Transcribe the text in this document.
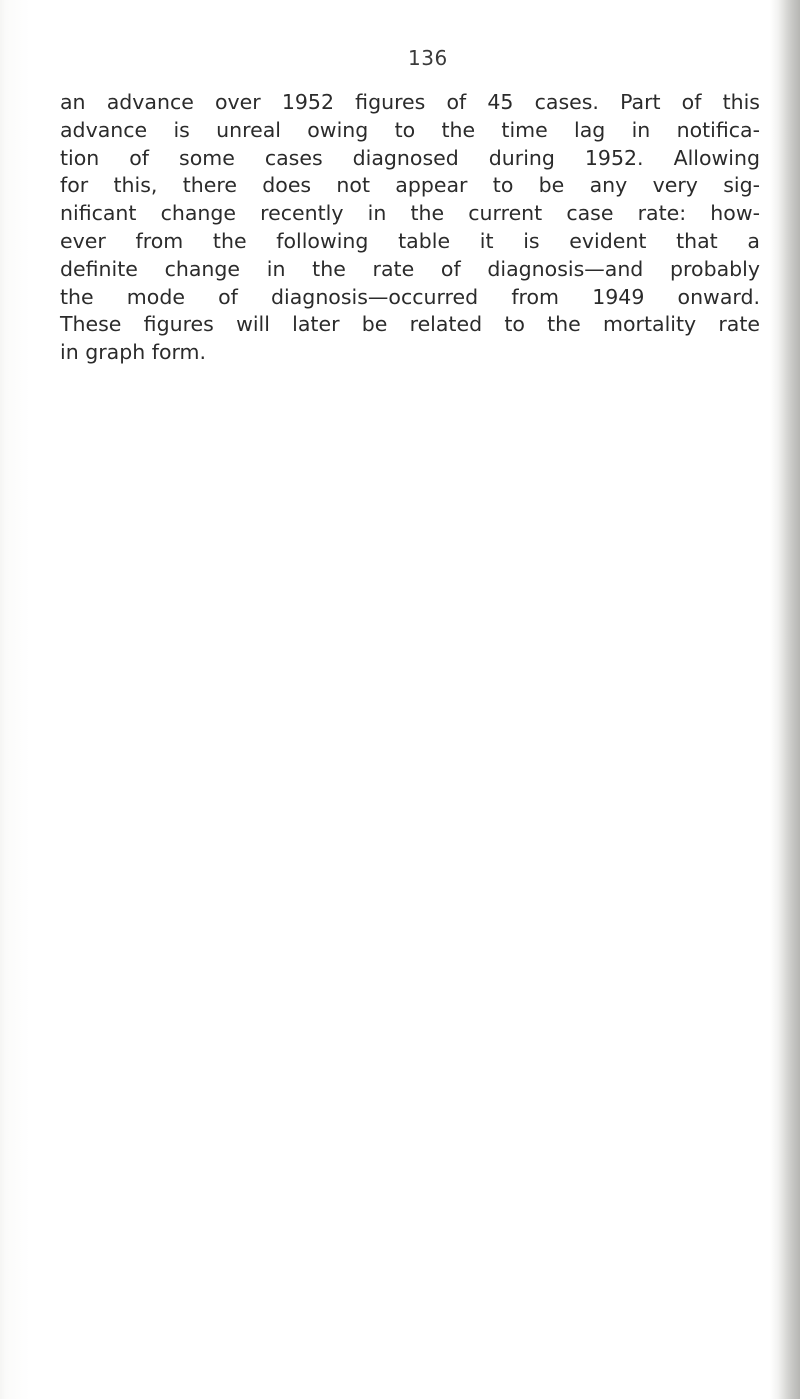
136
an advance over 1952 figures of 45 cases. Part of this
advance is unreal owing to the time lag in notifica-
tion of some cases diagnosed during 1952. Allowing
for this, there does not appear to be any very sig-
nificant change recently in the current case rate: how-
ever from the following table it is evident that a
definite change in the rate of diagnosis—and probably
the mode of diagnosis—occurred from 1949 onward.
These figures will later be related to the mortality rate
in graph form.
